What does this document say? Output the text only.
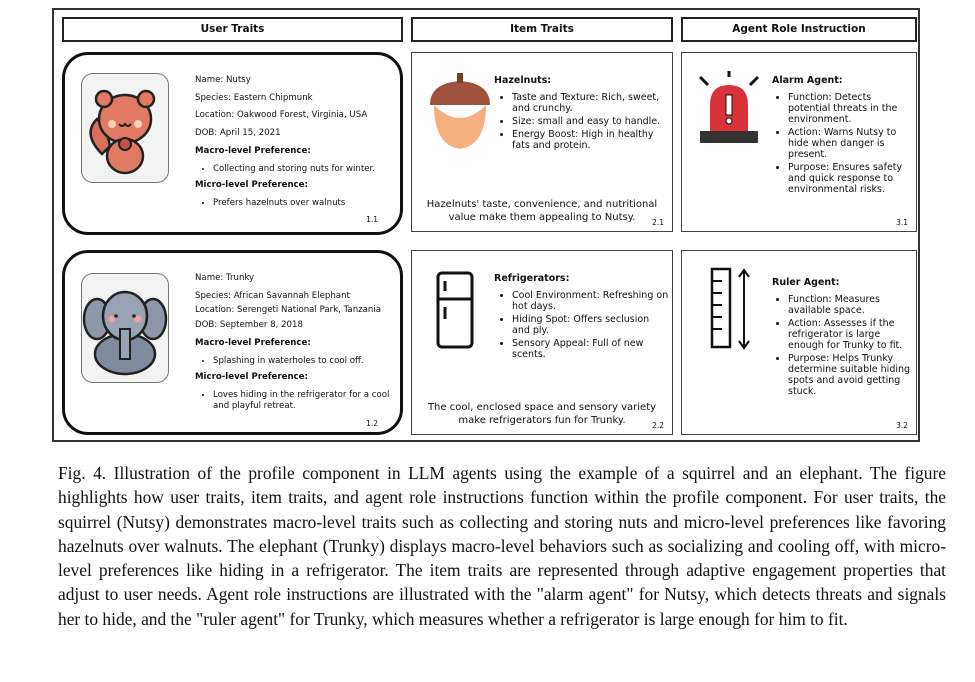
User Traits	Item Traits	Agent Role Instruction

Name: Nutsy

Species: Eastern Chipmunk

Location: Oakwood Forest, Virginia, USA

DOB: April 15, 2021

Macro-level Preference:
• Collecting and storing nuts for winter.
Micro-level Preference:
• Prefers hazelnuts over walnuts
1.1

Name: Trunky

Species: African Savannah Elephant

Location: Serengeti National Park, Tanzania

DOB: September 8, 2018

Macro-level Preference:
• Splashing in waterholes to cool off.
Micro-level Preference:
• Loves hiding in the refrigerator for a cool and playful retreat.
1.2
Hazelnuts:
• Taste and Texture: Rich, sweet, and crunchy.
• Size: small and easy to handle.
• Energy Boost: High in healthy fats and protein.
Hazelnuts' taste, convenience, and nutritional value make them appealing to Nutsy.	2.1
Refrigerators:
• Cool Environment: Refreshing on hot days.
• Hiding Spot: Offers seclusion and ply.
• Sensory Appeal: Full of new scents.
The cool, enclosed space and sensory variety make refrigerators fun for Trunky.	2.2
Alarm Agent:
• Function: Detects potential threats in the environment.
• Action: Warns Nutsy to hide when danger is present.
• Purpose: Ensures safety and quick response to environmental risks.
3.1
Ruler Agent:
• Function: Measures available space.
• Action: Assesses if the refrigerator is large enough for Trunky to fit.
• Purpose: Helps Trunky determine suitable hiding spots and avoid getting stuck.
3.2
Fig. 4. Illustration of the profile component in LLM agents using the example of a squirrel and an elephant. The figure highlights how user traits, item traits, and agent role instructions function within the profile component. For user traits, the squirrel (Nutsy) demonstrates macro-level traits such as collecting and storing nuts and micro-level preferences like favoring hazelnuts over walnuts. The elephant (Trunky) displays macro-level behaviors such as socializing and cooling off, with micro-level preferences like hiding in a refrigerator. The item traits are represented through adaptive engagement properties that adjust to user needs. Agent role instructions are illustrated with the "alarm agent" for Nutsy, which detects threats and signals her to hide, and the "ruler agent" for Trunky, which measures whether a refrigerator is large enough for him to fit.
